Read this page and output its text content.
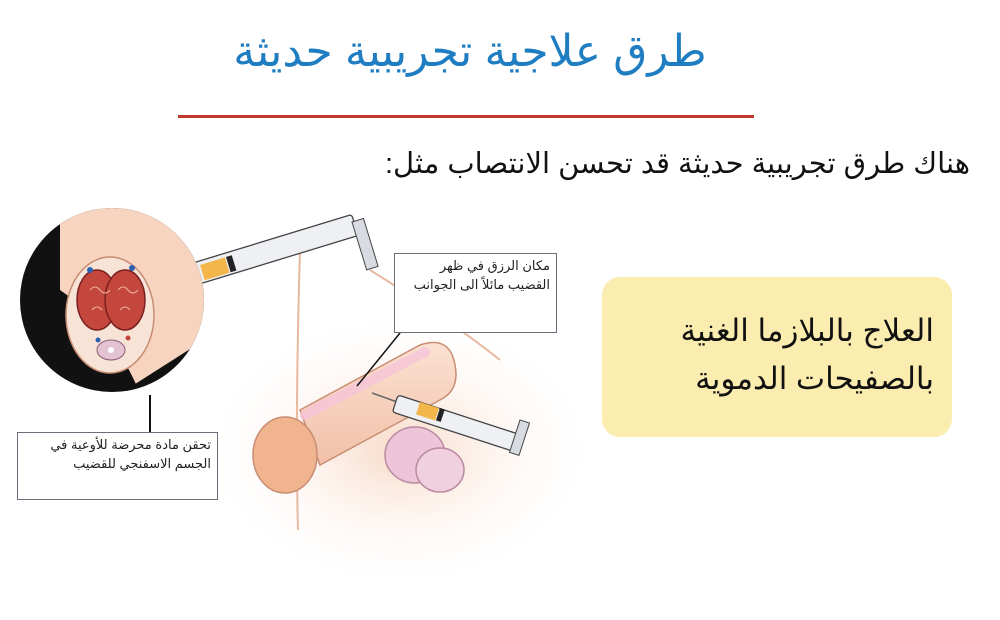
طرق علاجية تجريبية حديثة
هناك طرق تجريبية حديثة قد تحسن الانتصاب مثل:
تحقن مادة محرضة للأوعية في الجسم الاسفنجي للقضيب
مكان الرزق في ظهر القضيب مائلاً الى الجوانب
العلاج بالبلازما الغنية بالصفيحات الدموية
